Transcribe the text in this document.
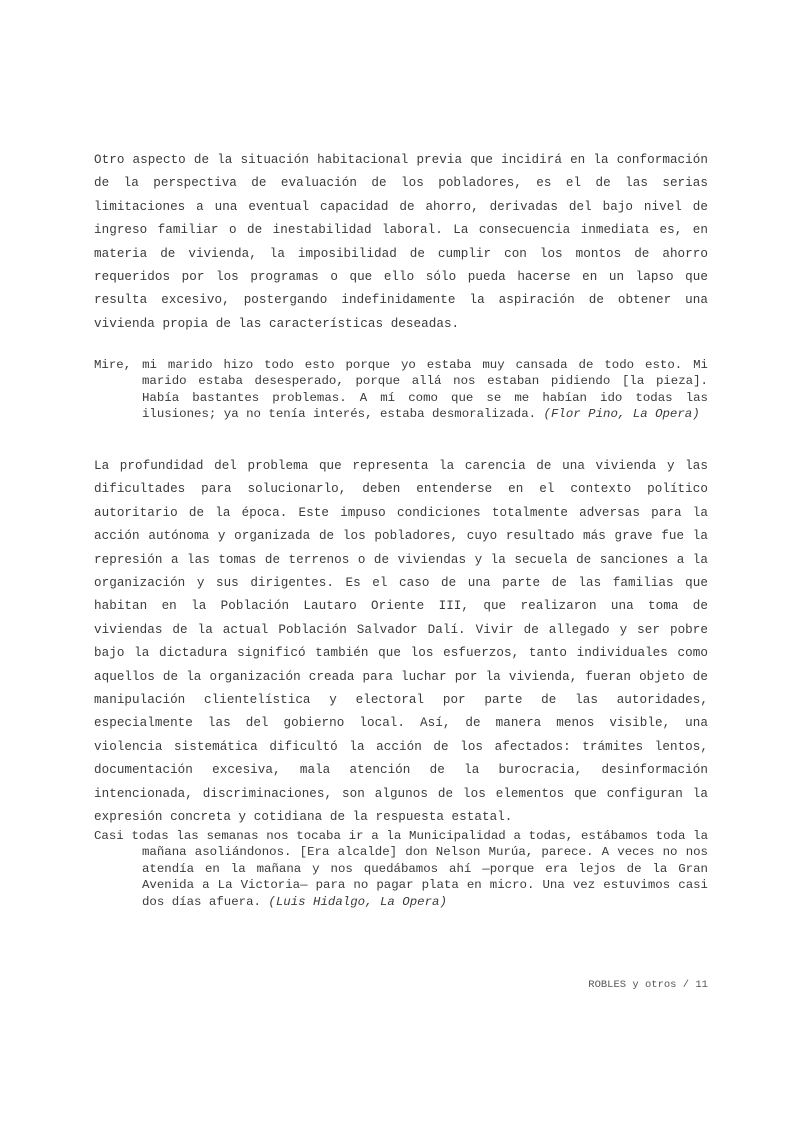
Otro aspecto de la situación habitacional previa que incidirá en la conformación de la perspectiva de evaluación de los pobladores, es el de las serias limitaciones a una eventual capacidad de ahorro, derivadas del bajo nivel de ingreso familiar o de inestabilidad laboral. La consecuencia inmediata es, en materia de vivienda, la imposibilidad de cumplir con los montos de ahorro requeridos por los programas o que ello sólo pueda hacerse en un lapso que resulta excesivo, postergando indefinidamente la aspiración de obtener una vivienda propia de las características deseadas.

Mire, mi marido hizo todo esto porque yo estaba muy cansada de todo esto. Mi marido estaba desesperado, porque allá nos estaban pidiendo [la pieza]. Había bastantes problemas. A mí como que se me habían ido todas las ilusiones; ya no tenía interés, estaba desmoralizada. (Flor Pino, La Opera)

La profundidad del problema que representa la carencia de una vivienda y las dificultades para solucionarlo, deben entenderse en el contexto político autoritario de la época. Este impuso condiciones totalmente adversas para la acción autónoma y organizada de los pobladores, cuyo resultado más grave fue la represión a las tomas de terrenos o de viviendas y la secuela de sanciones a la organización y sus dirigentes. Es el caso de una parte de las familias que habitan en la Población Lautaro Oriente III, que realizaron una toma de viviendas de la actual Población Salvador Dalí. Vivir de allegado y ser pobre bajo la dictadura significó también que los esfuerzos, tanto individuales como aquellos de la organización creada para luchar por la vivienda, fueran objeto de manipulación clientelística y electoral por parte de las autoridades, especialmente las del gobierno local. Así, de manera menos visible, una violencia sistemática dificultó la acción de los afectados: trámites lentos, documentación excesiva, mala atención de la burocracia, desinformación intencionada, discriminaciones, son algunos de los elementos que configuran la expresión concreta y cotidiana de la respuesta estatal.

Casi todas las semanas nos tocaba ir a la Municipalidad a todas, estábamos toda la mañana asoliándonos. [Era alcalde] don Nelson Murúa, parece. A veces no nos atendía en la mañana y nos quedábamos ahí —porque era lejos de la Gran Avenida a La Victoria— para no pagar plata en micro. Una vez estuvimos casi dos días afuera. (Luis Hidalgo, La Opera)

ROBLES y otros / 11
